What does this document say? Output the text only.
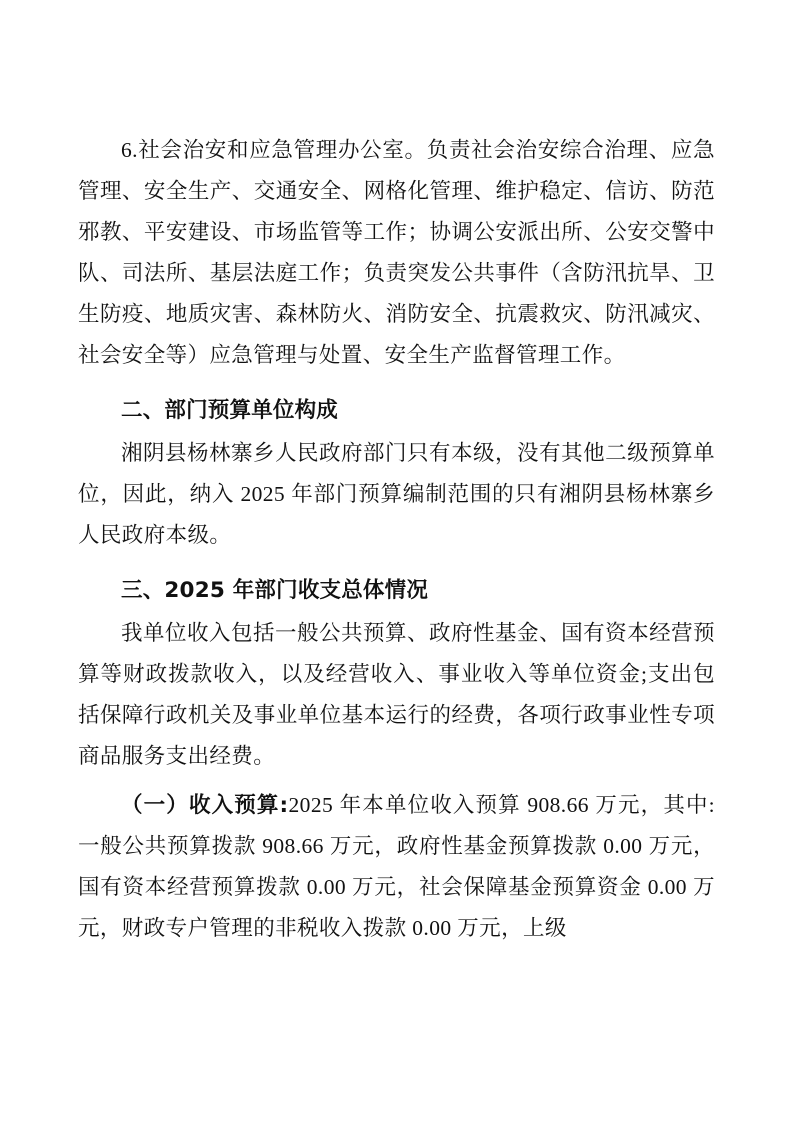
6.社会治安和应急管理办公室。负责社会治安综合治理、应急管理、安全生产、交通安全、网格化管理、维护稳定、信访、防范邪教、平安建设、市场监管等工作；协调公安派出所、公安交警中队、司法所、基层法庭工作；负责突发公共事件（含防汛抗旱、卫生防疫、地质灾害、森林防火、消防安全、抗震救灾、防汛减灾、社会安全等）应急管理与处置、安全生产监督管理工作。

二、部门预算单位构成

湘阴县杨林寨乡人民政府部门只有本级，没有其他二级预算单位，因此，纳入 2025 年部门预算编制范围的只有湘阴县杨林寨乡人民政府本级。

三、2025 年部门收支总体情况

我单位收入包括一般公共预算、政府性基金、国有资本经营预算等财政拨款收入，以及经营收入、事业收入等单位资金;支出包括保障行政机关及事业单位基本运行的经费，各项行政事业性专项商品服务支出经费。

（一）收入预算:2025 年本单位收入预算 908.66 万元，其中: 一般公共预算拨款 908.66 万元，政府性基金预算拨款 0.00 万元，国有资本经营预算拨款 0.00 万元，社会保障基金预算资金 0.00 万元，财政专户管理的非税收入拨款 0.00 万元，上级
